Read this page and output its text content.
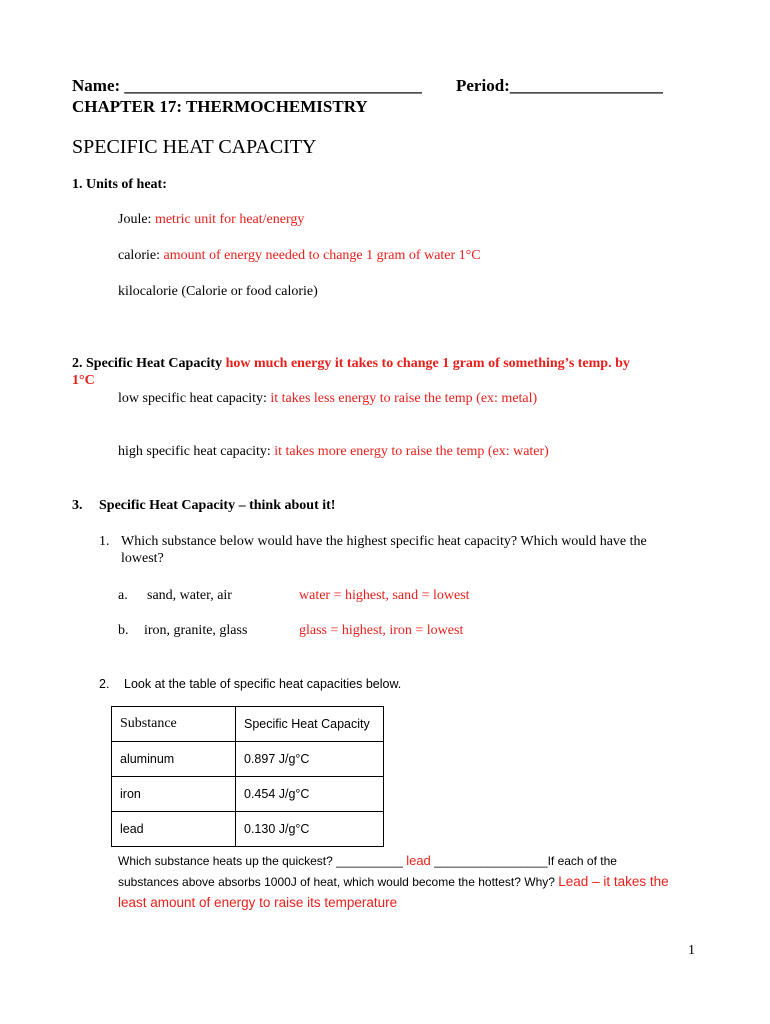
Name: ___________________________________ Period:__________________
CHAPTER 17: THERMOCHEMISTRY
SPECIFIC HEAT CAPACITY
1. Units of heat:
Joule: metric unit for heat/energy
calorie: amount of energy needed to change 1 gram of water 1°C
kilocalorie (Calorie or food calorie)
2. Specific Heat Capacity how much energy it takes to change 1 gram of something’s temp. by
1°C
low specific heat capacity: it takes less energy to raise the temp (ex: metal)
high specific heat capacity: it takes more energy to raise the temp (ex: water)
3. Specific Heat Capacity – think about it!
1. Which substance below would have the highest specific heat capacity? Which would have the
lowest?
a. sand, water, air	water = highest, sand = lowest
b. iron, granite, glass	glass = highest, iron = lowest
2. Look at the table of specific heat capacities below.
Substance	Specific Heat Capacity
aluminum	0.897 J/g°C
iron	0.454 J/g°C
lead	0.130 J/g°C
Which substance heats up the quickest? __________ lead _________________If each of the
substances above absorbs 1000J of heat, which would become the hottest? Why? Lead – it takes the
least amount of energy to raise its temperature
1
